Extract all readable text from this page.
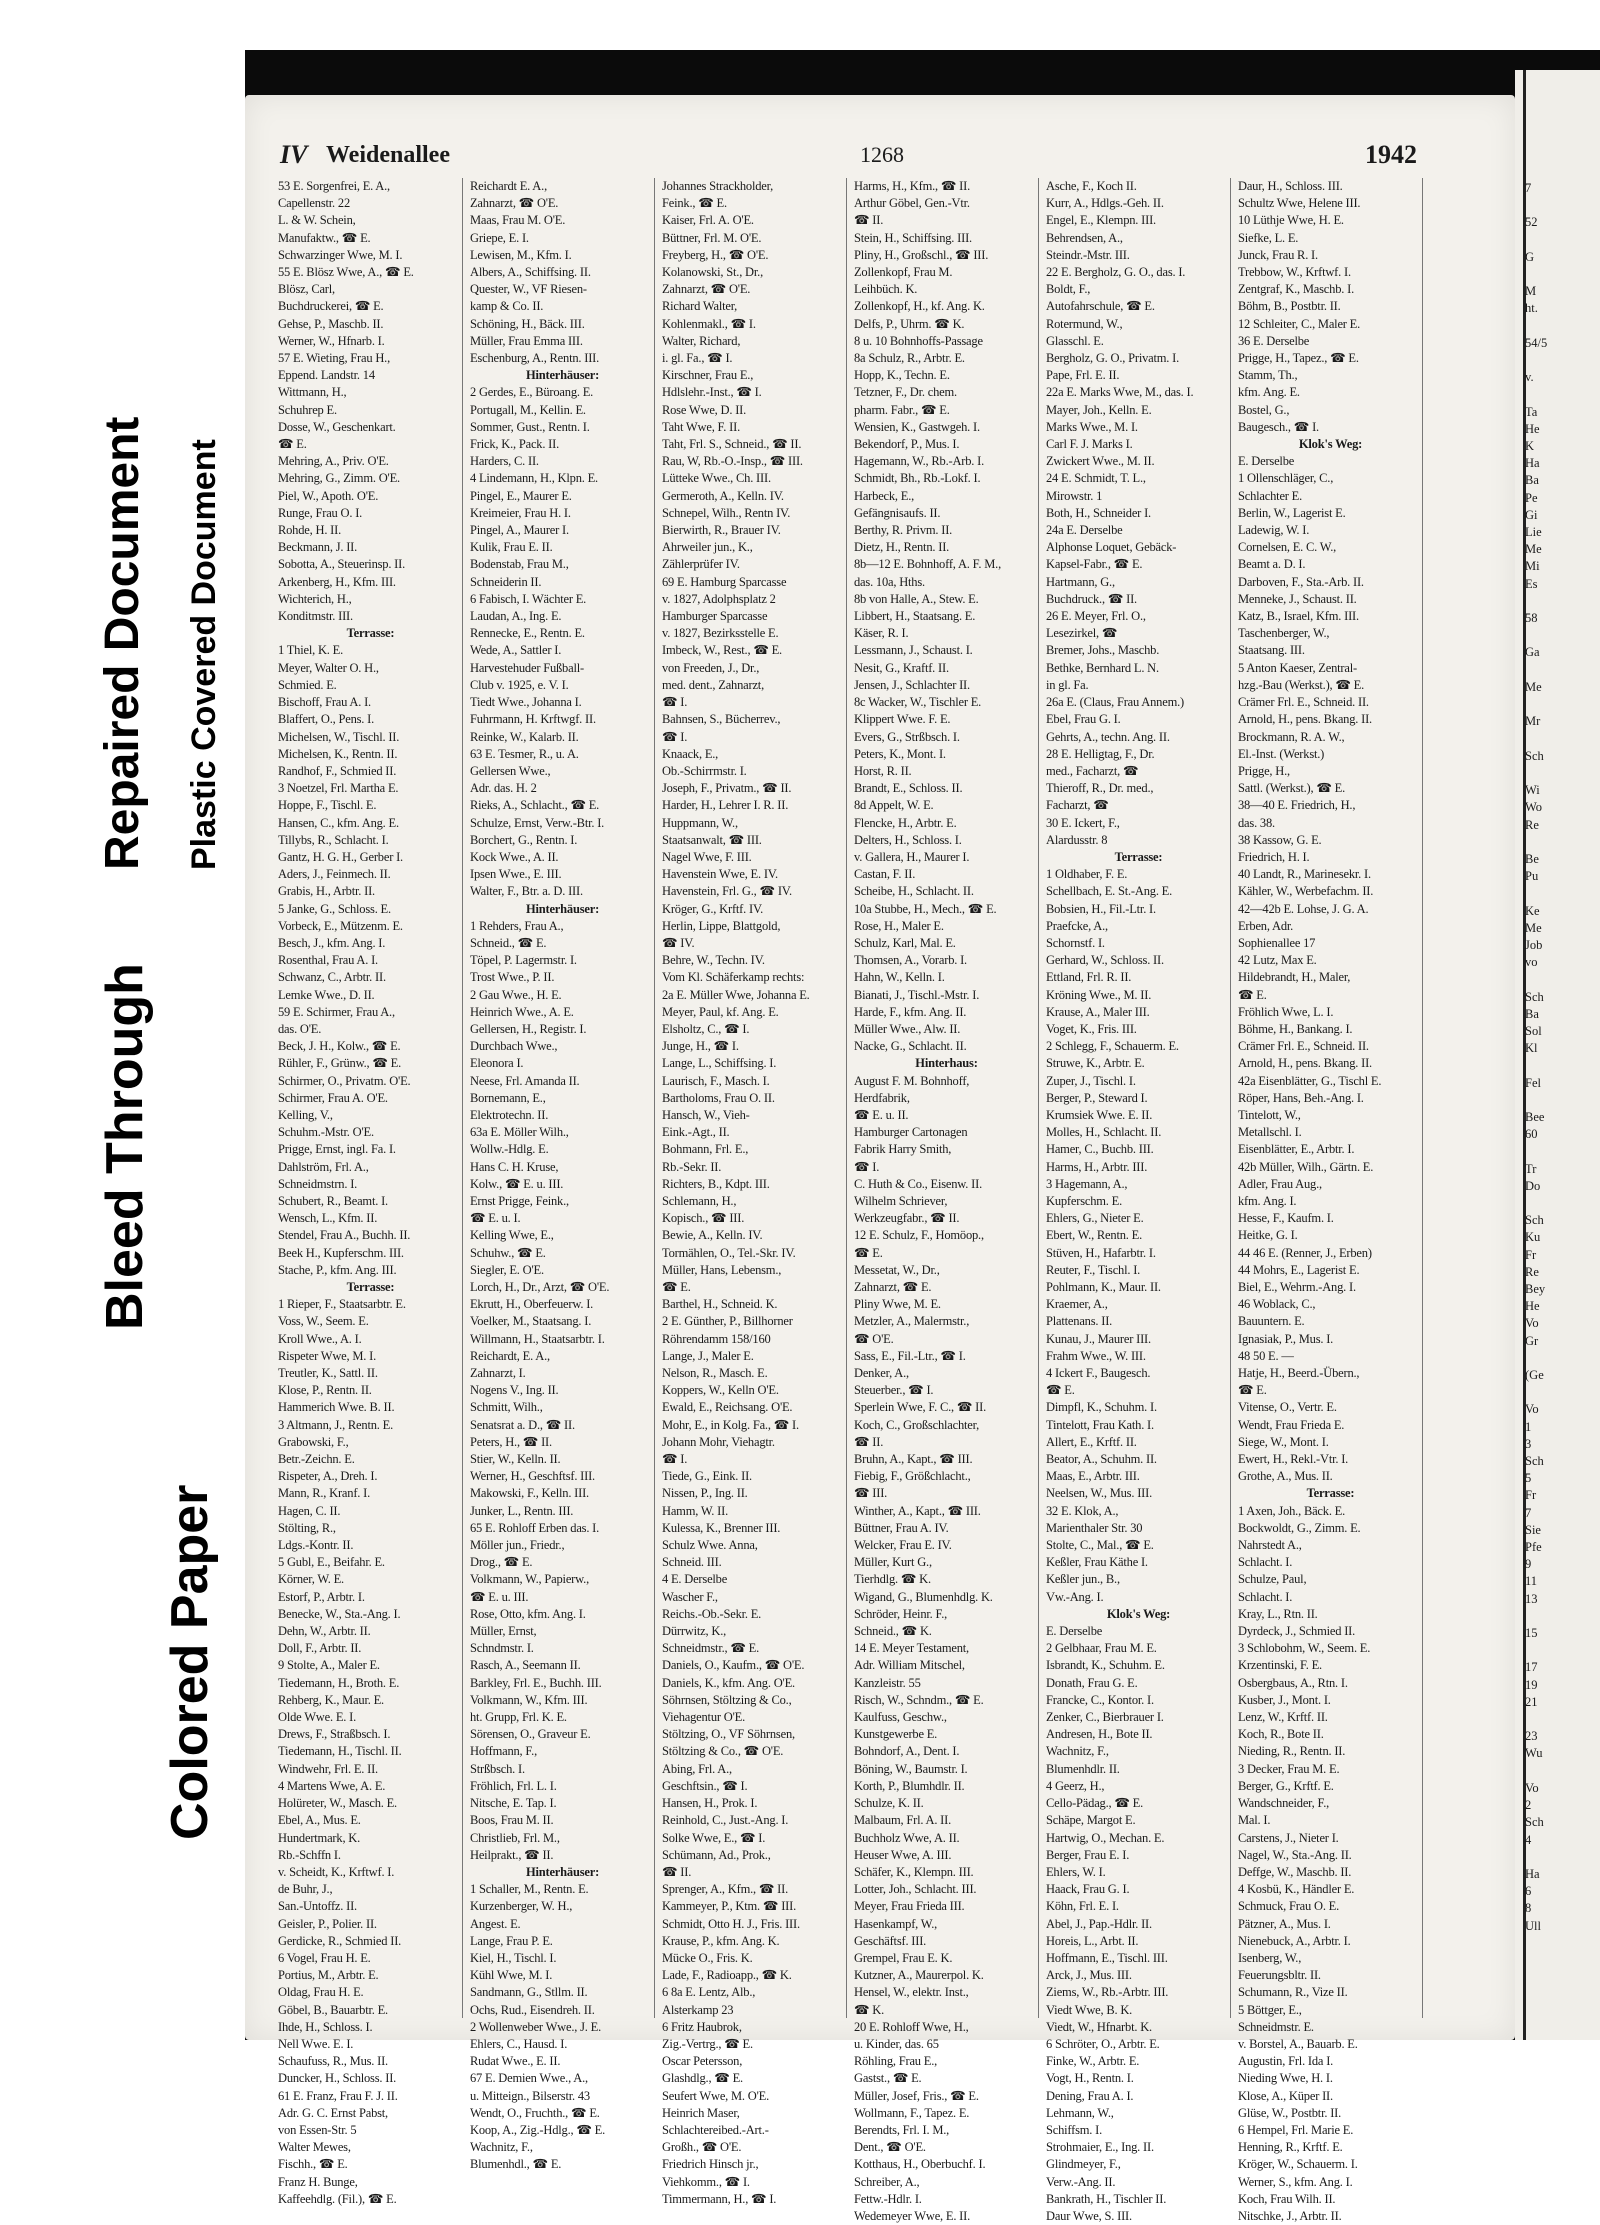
Repaired Document Plastic Covered Document
Bleed Through
Colored Paper
IV Weidenallee	1268	1942
53 E. Sorgenfrei, E. A.,
Capellenstr. 22
L. & W. Schein,
Manufaktw., ☎ E.
Schwarzinger Wwe, M. I.
55 E. Blösz Wwe, A., ☎ E.
Blösz, Carl,
Buchdruckerei, ☎ E.
Gehse, P., Maschb. II.
Werner, W., Hfnarb. I.
57 E. Wieting, Frau H.,
Eppend. Landstr. 14
Wittmann, H.,
Schuhrep E.
Dosse, W., Geschenkart.
☎ E.
Mehring, A., Priv. O'E.
Mehring, G., Zimm. O'E.
Piel, W., Apoth. O'E.
Runge, Frau O. I.
Rohde, H. II.
Beckmann, J. II.
Sobotta, A., Steuerinsp. II.
Arkenberg, H., Kfm. III.
Wichterich, H.,
Konditmstr. III.
Terrasse:
1 Thiel, K. E.
Meyer, Walter O. H.,
Schmied. E.
Bischoff, Frau A. I.
Blaffert, O., Pens. I.
Michelsen, W., Tischl. II.
Michelsen, K., Rentn. II.
Randhof, F., Schmied II.
3 Noetzel, Frl. Martha E.
Hoppe, F., Tischl. E.
Hansen, C., kfm. Ang. E.
Tillybs, R., Schlacht. I.
Gantz, H. G. H., Gerber I.
Aders, J., Feinmech. II.
Grabis, H., Arbtr. II.
5 Janke, G., Schloss. E.
Vorbeck, E., Mützenm. E.
Besch, J., kfm. Ang. I.
Rosenthal, Frau A. I.
Schwanz, C., Arbtr. II.
Lemke Wwe., D. II.
59 E. Schirmer, Frau A.,
das. O'E.
Beck, J. H., Kolw., ☎ E.
Rühler, F., Grünw., ☎ E.
Schirmer, O., Privatm. O'E.
Schirmer, Frau A. O'E.
Kelling, V.,
Schuhm.-Mstr. O'E.
Prigge, Ernst, ingl. Fa. I.
Dahlström, Frl. A.,
Schneidmstrn. I.
Schubert, R., Beamt. I.
Wensch, L., Kfm. II.
Stendel, Frau A., Buchh. II.
Beek H., Kupferschm. III.
Stache, P., kfm. Ang. III.
Terrasse:
1 Rieper, F., Staatsarbtr. E.
Voss, W., Seem. E.
Kroll Wwe., A. I.
Rispeter Wwe, M. I.
Treutler, K., Sattl. II.
Klose, P., Rentn. II.
Hammerich Wwe. B. II.
3 Altmann, J., Rentn. E.
Grabowski, F.,
Betr.-Zeichn. E.
Rispeter, A., Dreh. I.
Mann, R., Kranf. I.
Hagen, C. II.
Stölting, R.,
Ldgs.-Kontr. II.
5 Gubl, E., Beifahr. E.
Körner, W. E.
Estorf, P., Arbtr. I.
Benecke, W., Sta.-Ang. I.
Dehn, W., Arbtr. II.
Doll, F., Arbtr. II.
9 Stolte, A., Maler E.
Tiedemann, H., Broth. E.
Rehberg, K., Maur. E.
Olde Wwe. E. I.
Drews, F., Straßbsch. I.
Tiedemann, H., Tischl. II.
Windwehr, Frl. E. II.
4 Martens Wwe, A. E.
Holüreter, W., Masch. E.
Ebel, A., Mus. E.
Hundertmark, K.
Rb.-Schffn I.
v. Scheidt, K., Krftwf. I.
de Buhr, J.,
San.-Untoffz. II.
Geisler, P., Polier. II.
Gerdicke, R., Schmied II.
6 Vogel, Frau H. E.
Portius, M., Arbtr. E.
Oldag, Frau H. E.
Göbel, B., Bauarbtr. E.
Ihde, H., Schloss. I.
Nell Wwe. E. I.
Schaufuss, R., Mus. II.
Duncker, H., Schloss. II.
61 E. Franz, Frau F. J. II.
Adr. G. C. Ernst Pabst,
von Essen-Str. 5
Walter Mewes,
Fischh., ☎ E.
Franz H. Bunge,
Kaffeehdlg. (Fil.), ☎ E.
Reichardt E. A.,
Zahnarzt, ☎ O'E.
Maas, Frau M. O'E.
Griepe, E. I.
Lewisen, M., Kfm. I.
Albers, A., Schiffsing. II.
Quester, W., VF Riesen-
kamp & Co. II.
Schöning, H., Bäck. III.
Müller, Frau Emma III.
Eschenburg, A., Rentn. III.
Hinterhäuser:
2 Gerdes, E., Büroang. E.
Portugall, M., Kellin. E.
Sommer, Gust., Rentn. I.
Frick, K., Pack. II.
Harders, C. II.
4 Lindemann, H., Klpn. E.
Pingel, E., Maurer E.
Kreimeier, Frau H. I.
Pingel, A., Maurer I.
Kulik, Frau E. II.
Bodenstab, Frau M.,
Schneiderin II.
6 Fabisch, I. Wächter E.
Laudan, A., Ing. E.
Rennecke, E., Rentn. E.
Wede, A., Sattler I.
Harvestehuder Fußball-
Club v. 1925, e. V. I.
Tiedt Wwe., Johanna I.
Fuhrmann, H. Krftwgf. II.
Reinke, W., Kalarb. II.
63 E. Tesmer, R., u. A.
Gellersen Wwe.,
Adr. das. H. 2
Rieks, A., Schlacht., ☎ E.
Schulze, Ernst, Verw.-Btr. I.
Borchert, G., Rentn. I.
Kock Wwe., A. II.
Ipsen Wwe., E. III.
Walter, F., Btr. a. D. III.
Hinterhäuser:
1 Rehders, Frau A.,
Schneid., ☎ E.
Töpel, P. Lagermstr. I.
Trost Wwe., P. II.
2 Gau Wwe., H. E.
Heinrich Wwe., A. E.
Gellersen, H., Registr. I.
Durchbach Wwe.,
Eleonora I.
Neese, Frl. Amanda II.
Bornemann, E.,
Elektrotechn. II.
63a E. Möller Wilh.,
Wollw.-Hdlg. E.
Hans C. H. Kruse,
Kolw., ☎ E. u. III.
Ernst Prigge, Feink.,
☎ E. u. I.
Kelling Wwe, E.,
Schuhw., ☎ E.
Siegler, E. O'E.
Lorch, H., Dr., Arzt, ☎ O'E.
Ekrutt, H., Oberfeuerw. I.
Voelker, M., Staatsang. I.
Willmann, H., Staatsarbtr. I.
Reichardt, E. A.,
Zahnarzt, I.
Nogens V., Ing. II.
Schmitt, Wilh.,
Senatsrat a. D., ☎ II.
Peters, H., ☎ II.
Stier, W., Kelln. II.
Werner, H., Geschftsf. III.
Makowski, F., Kelln. III.
Junker, L., Rentn. III.
65 E. Rohloff Erben das. I.
Möller jun., Friedr.,
Drog., ☎ E.
Volkmann, W., Papierw.,
☎ E. u. III.
Rose, Otto, kfm. Ang. I.
Müller, Ernst,
Schndmstr. I.
Rasch, A., Seemann II.
Barkley, Frl. E., Buchh. III.
Volkmann, W., Kfm. III.
ht. Grupp, Frl. K. E.
Sörensen, O., Graveur E.
Hoffmann, F.,
Strßbsch. I.
Fröhlich, Frl. L. I.
Nitsche, E. Tap. I.
Boos, Frau M. II.
Christlieb, Frl. M.,
Heilprakt., ☎ II.
Hinterhäuser:
1 Schaller, M., Rentn. E.
Kurzenberger, W. H.,
Angest. E.
Lange, Frau P. E.
Kiel, H., Tischl. I.
Kühl Wwe, M. I.
Sandmann, G., Stllm. II.
Ochs, Rud., Eisendreh. II.
2 Wollenweber Wwe., J. E.
Ehlers, C., Hausd. I.
Rudat Wwe., E. II.
67 E. Demien Wwe., A.,
u. Mitteign., Bilserstr. 43
Wendt, O., Fruchth., ☎ E.
Koop, A., Zig.-Hdlg., ☎ E.
Wachnitz, F.,
Blumenhdl., ☎ E.
Johannes Strackholder,
Feink., ☎ E.
Kaiser, Frl. A. O'E.
Büttner, Frl. M. O'E.
Freyberg, H., ☎ O'E.
Kolanowski, St., Dr.,
Zahnarzt, ☎ O'E.
Richard Walter,
Kohlenmakl., ☎ I.
Walter, Richard,
i. gl. Fa., ☎ I.
Kirschner, Frau E.,
Hdlslehr.-Inst., ☎ I.
Rose Wwe, D. II.
Taht Wwe, F. II.
Taht, Frl. S., Schneid., ☎ II.
Rau, W, Rb.-O.-Insp., ☎ III.
Lütteke Wwe., Ch. III.
Germeroth, A., Kelln. IV.
Schnepel, Wilh., Rentn IV.
Bierwirth, R., Brauer IV.
Ahrweiler jun., K.,
Zählerprüfer IV.
69 E. Hamburg Sparcasse
v. 1827, Adolphsplatz 2
Hamburger Sparcasse
v. 1827, Bezirksstelle E.
Imbeck, W., Rest., ☎ E.
von Freeden, J., Dr.,
med. dent., Zahnarzt,
☎ I.
Bahnsen, S., Bücherrev.,
☎ I.
Knaack, E.,
Ob.-Schirrmstr. I.
Joseph, F., Privatm., ☎ II.
Harder, H., Lehrer I. R. II.
Huppmann, W.,
Staatsanwalt, ☎ III.
Nagel Wwe, F. III.
Havenstein Wwe, E. IV.
Havenstein, Frl. G., ☎ IV.
Kröger, G., Krftf. IV.
Herlin, Lippe, Blattgold,
☎ IV.
Behre, W., Techn. IV.
Vom Kl. Schäferkamp rechts:
2a E. Müller Wwe, Johanna E.
Meyer, Paul, kf. Ang. E.
Elsholtz, C., ☎ I.
Junge, H., ☎ I.
Lange, L., Schiffsing. I.
Laurisch, F., Masch. I.
Bartholoms, Frau O. II.
Hansch, W., Vieh-
Eink.-Agt., II.
Bohmann, Frl. E.,
Rb.-Sekr. II.
Richters, B., Kdpt. III.
Schlemann, H.,
Kopisch., ☎ III.
Bewie, A., Kelln. IV.
Tormählen, O., Tel.-Skr. IV.
Müller, Hans, Lebensm.,
☎ E.
Barthel, H., Schneid. K.
2 E. Günther, P., Billhorner
Röhrendamm 158/160
Lange, J., Maler E.
Nelson, R., Masch. E.
Koppers, W., Kelln O'E.
Ewald, E., Reichsang. O'E.
Mohr, E., in Kolg. Fa., ☎ I.
Johann Mohr, Viehagtr.
☎ I.
Tiede, G., Eink. II.
Nissen, P., Ing. II.
Hamm, W. II.
Kulessa, K., Brenner III.
Schulz Wwe. Anna,
Schneid. III.
4 E. Derselbe
Wascher F.,
Reichs.-Ob.-Sekr. E.
Dürrwitz, K.,
Schneidmstr., ☎ E.
Daniels, O., Kaufm., ☎ O'E.
Daniels, K., kfm. Ang. O'E.
Söhrnsen, Stöltzing & Co.,
Viehagentur O'E.
Stöltzing, O., VF Söhrnsen,
Stöltzing & Co., ☎ O'E.
Abing, Frl. A.,
Geschftsin., ☎ I.
Hansen, H., Prok. I.
Reinhold, C., Just.-Ang. I.
Solke Wwe, E., ☎ I.
Schümann, Ad., Prok.,
☎ II.
Sprenger, A., Kfm., ☎ II.
Kammeyer, P., Ktm. ☎ III.
Schmidt, Otto H. J., Fris. III.
Krause, P., kfm. Ang. K.
Mücke O., Fris. K.
Lade, F., Radioapp., ☎ K.
6 8a E. Lentz, Alb.,
Alsterkamp 23
6 Fritz Haubrok,
Zig.-Vertrg., ☎ E.
Oscar Petersson,
Glashdlg., ☎ E.
Seufert Wwe, M. O'E.
Heinrich Maser,
Schlachtereibed.-Art.-
Großh., ☎ O'E.
Friedrich Hinsch jr.,
Viehkomm., ☎ I.
Timmermann, H., ☎ I.
Harms, H., Kfm., ☎ II.
Arthur Göbel, Gen.-Vtr.
☎ II.
Stein, H., Schiffsing. III.
Pliny, H., Großschl., ☎ III.
Zollenkopf, Frau M.
Leihbüch. K.
Zollenkopf, H., kf. Ang. K.
Delfs, P., Uhrm. ☎ K.
8 u. 10 Bohnhoffs-Passage
8a Schulz, R., Arbtr. E.
Hopp, K., Techn. E.
Tetzner, F., Dr. chem.
pharm. Fabr., ☎ E.
Wensien, K., Gastwgeh. I.
Bekendorf, P., Mus. I.
Hagemann, W., Rb.-Arb. I.
Schmidt, Bh., Rb.-Lokf. I.
Harbeck, E.,
Gefängnisaufs. II.
Berthy, R. Privm. II.
Dietz, H., Rentn. II.
8b—12 E. Bohnhoff, A. F. M.,
das. 10a, Hths.
8b von Halle, A., Stew. E.
Libbert, H., Staatsang. E.
Käser, R. I.
Lessmann, J., Schaust. I.
Nesit, G., Kraftf. II.
Jensen, J., Schlachter II.
8c Wacker, W., Tischler E.
Klippert Wwe. F. E.
Evers, G., Strßbsch. I.
Peters, K., Mont. I.
Horst, R. II.
Brandt, E., Schloss. II.
8d Appelt, W. E.
Flencke, H., Arbtr. E.
Delters, H., Schloss. I.
v. Gallera, H., Maurer I.
Castan, F. II.
Scheibe, H., Schlacht. II.
10a Stubbe, H., Mech., ☎ E.
Rose, H., Maler E.
Schulz, Karl, Mal. E.
Thomsen, A., Vorarb. I.
Hahn, W., Kelln. I.
Bianati, J., Tischl.-Mstr. I.
Harde, F., kfm. Ang. II.
Müller Wwe., Alw. II.
Nacke, G., Schlacht. II.
Hinterhaus:
August F. M. Bohnhoff,
Herdfabrik,
☎ E. u. II.
Hamburger Cartonagen
Fabrik Harry Smith,
☎ I.
C. Huth & Co., Eisenw. II.
Wilhelm Schriever,
Werkzeugfabr., ☎ II.
12 E. Schulz, F., Homöop.,
☎ E.
Messetat, W., Dr.,
Zahnarzt, ☎ E.
Pliny Wwe, M. E.
Metzler, A., Malermstr.,
☎ O'E.
Sass, E., Fil.-Ltr., ☎ I.
Denker, A.,
Steuerber., ☎ I.
Sperlein Wwe, F. C., ☎ II.
Koch, C., Großschlachter,
☎ II.
Bruhn, A., Kapt., ☎ III.
Fiebig, F., Größchlacht.,
☎ III.
Winther, A., Kapt., ☎ III.
Büttner, Frau A. IV.
Welcker, Frau E. IV.
Müller, Kurt G.,
Tierhdlg. ☎ K.
Wigand, G., Blumenhdlg. K.
Schröder, Heinr. F.,
Schneid., ☎ K.
14 E. Meyer Testament,
Adr. William Mitschel,
Kanzleistr. 55
Risch, W., Schndm., ☎ E.
Kaulfuss, Geschw.,
Kunstgewerbe E.
Bohndorf, A., Dent. I.
Böning, W., Baumstr. I.
Korth, P., Blumhdlr. II.
Schulze, K. II.
Malbaum, Frl. A. II.
Buchholz Wwe, A. II.
Heuser Wwe, A. III.
Schäfer, K., Klempn. III.
Lotter, Joh., Schlacht. III.
Meyer, Frau Frieda III.
Hasenkampf, W.,
Geschäftsf. III.
Grempel, Frau E. K.
Kutzner, A., Maurerpol. K.
Hensel, W., elektr. Inst.,
☎ K.
20 E. Rohloff Wwe, H.,
u. Kinder, das. 65
Röhling, Frau E.,
Gastst., ☎ E.
Müller, Josef, Fris., ☎ E.
Wollmann, F., Tapez. E.
Berendts, Frl. I. M.,
Dent., ☎ O'E.
Kotthaus, H., Oberbuchf. I.
Schreiber, A.,
Fettw.-Hdlr. I.
Wedemeyer Wwe, E. II.
Asche, F., Koch II.
Kurr, A., Hdlgs.-Geh. II.
Engel, E., Klempn. III.
Behrendsen, A.,
Steindr.-Mstr. III.
22 E. Bergholz, G. O., das. I.
Boldt, F.,
Autofahrschule, ☎ E.
Rotermund, W.,
Glasschl. E.
Bergholz, G. O., Privatm. I.
Pape, Frl. E. II.
22a E. Marks Wwe, M., das. I.
Mayer, Joh., Kelln. E.
Marks Wwe., M. I.
Carl F. J. Marks I.
Zwickert Wwe., M. II.
24 E. Schmidt, T. L.,
Mirowstr. 1
Both, H., Schneider I.
24a E. Derselbe
Alphonse Loquet, Gebäck-
Kapsel-Fabr., ☎ E.
Hartmann, G.,
Buchdruck., ☎ II.
26 E. Meyer, Frl. O.,
Lesezirkel, ☎
Bremer, Johs., Maschb.
Bethke, Bernhard L. N.
in gl. Fa.
26a E. (Claus, Frau Annem.)
Ebel, Frau G. I.
Gehrts, A., techn. Ang. II.
28 E. Helligtag, F., Dr.
med., Facharzt, ☎
Thieroff, R., Dr. med.,
Facharzt, ☎
30 E. Ickert, F.,
Alardusstr. 8
Terrasse:
1 Oldhaber, F. E.
Schellbach, E. St.-Ang. E.
Bobsien, H., Fil.-Ltr. I.
Praefcke, A.,
Schornstf. I.
Gerhard, W., Schloss. II.
Ettland, Frl. R. II.
Kröning Wwe., M. II.
Krause, A., Maler III.
Voget, K., Fris. III.
2 Schlegg, F., Schauerm. E.
Struwe, K., Arbtr. E.
Zuper, J., Tischl. I.
Berger, P., Steward I.
Krumsiek Wwe. E. II.
Molles, H., Schlacht. II.
Hamer, C., Buchb. III.
Harms, H., Arbtr. III.
3 Hagemann, A.,
Kupferschm. E.
Ehlers, G., Nieter E.
Ebert, W., Rentn. E.
Stüven, H., Hafarbtr. I.
Reuter, F., Tischl. I.
Pohlmann, K., Maur. II.
Kraemer, A.,
Plattenans. II.
Kunau, J., Maurer III.
Frahm Wwe., W. III.
4 Ickert F., Baugesch.
☎ E.
Dimpfl, K., Schuhm. I.
Tintelott, Frau Kath. I.
Allert, E., Krftf. II.
Beator, A., Schuhm. II.
Maas, E., Arbtr. III.
Neelsen, W., Mus. III.
32 E. Klok, A.,
Marienthaler Str. 30
Stolte, C., Mal., ☎ E.
Keßler, Frau Käthe I.
Keßler jun., B.,
Vw.-Ang. I.
Klok's Weg:
E. Derselbe
2 Gelbhaar, Frau M. E.
Isbrandt, K., Schuhm. E.
Donath, Frau G. E.
Francke, C., Kontor. I.
Zenker, C., Bierbrauer I.
Andresen, H., Bote II.
Wachnitz, F.,
Blumenhdlr. II.
4 Geerz, H.,
Cello-Pädag., ☎ E.
Schäpe, Margot E.
Hartwig, O., Mechan. E.
Berger, Frau E. I.
Ehlers, W. I.
Haack, Frau G. I.
Köhn, Frl. E. I.
Abel, J., Pap.-Hdlr. II.
Horeis, L., Arbt. II.
Hoffmann, E., Tischl. III.
Arck, J., Mus. III.
Ziems, W., Rb.-Arbtr. III.
Viedt Wwe, B. K.
Viedt, W., Hfnarbt. K.
6 Schröter, O., Arbtr. E.
Finke, W., Arbtr. E.
Vogt, H., Rentn. I.
Dening, Frau A. I.
Lehmann, W.,
Schiffsm. I.
Strohmaier, E., Ing. II.
Glindmeyer, F.,
Verw.-Ang. II.
Bankrath, H., Tischler II.
Daur Wwe, S. III.
Daur, H., Schloss. III.
Schultz Wwe, Helene III.
10 Lüthje Wwe, H. E.
Siefke, L. E.
Junck, Frau R. I.
Trebbow, W., Krftwf. I.
Zentgraf, K., Maschb. I.
Böhm, B., Postbtr. II.
12 Schleiter, C., Maler E.
36 E. Derselbe
Prigge, H., Tapez., ☎ E.
Stamm, Th.,
kfm. Ang. E.
Bostel, G.,
Baugesch., ☎ I.
Klok's Weg:
E. Derselbe
1 Ollenschläger, C.,
Schlachter E.
Berlin, W., Lagerist E.
Ladewig, W. I.
Cornelsen, E. C. W.,
Beamt a. D. I.
Darboven, F., Sta.-Arb. II.
Menneke, J., Schaust. II.
Katz, B., Israel, Kfm. III.
Taschenberger, W.,
Staatsang. III.
5 Anton Kaeser, Zentral-
hzg.-Bau (Werkst.), ☎ E.
Crämer Frl. E., Schneid. II.
Arnold, H., pens. Bkang. II.
Brockmann, R. A. W.,
El.-Inst. (Werkst.)
Prigge, H.,
Sattl. (Werkst.), ☎ E.
38—40 E. Friedrich, H.,
das. 38.
38 Kassow, G. E.
Friedrich, H. I.
40 Landt, R., Marinesekr. I.
Kähler, W., Werbefachm. II.
42—42b E. Lohse, J. G. A.
Erben, Adr.
Sophienallee 17
42 Lutz, Max E.
Hildebrandt, H., Maler,
☎ E.
Fröhlich Wwe, L. I.
Böhme, H., Bankang. I.
Crämer Frl. E., Schneid. II.
Arnold, H., pens. Bkang. II.
42a Eisenblätter, G., Tischl E.
Röper, Hans, Beh.-Ang. I.
Tintelott, W.,
Metallschl. I.
Eisenblätter, E., Arbtr. I.
42b Müller, Wilh., Gärtn. E.
Adler, Frau Aug.,
kfm. Ang. I.
Hesse, F., Kaufm. I.
Heitke, G. I.
44 46 E. (Renner, J., Erben)
44 Mohrs, E., Lagerist E.
Biel, E., Wehrm.-Ang. I.
46 Woblack, C.,
Bauuntern. E.
Ignasiak, P., Mus. I.
48 50 E. —
Hatje, H., Beerd.-Übern.,
☎ E.
Vitense, O., Vertr. E.
Wendt, Frau Frieda E.
Siege, W., Mont. I.
Ewert, H., Rekl.-Vtr. I.
Grothe, A., Mus. II.
Terrasse:
1 Axen, Joh., Bäck. E.
Bockwoldt, G., Zimm. E.
Nahrstedt A.,
Schlacht. I.
Schulze, Paul,
Schlacht. I.
Kray, L., Rtn. II.
Dyrdeck, J., Schmied II.
3 Schlobohm, W., Seem. E.
Krzentinski, F. E.
Osbergbaus, A., Rtn. I.
Kusber, J., Mont. I.
Lenz, W., Krftf. II.
Koch, R., Bote II.
Nieding, R., Rentn. II.
3 Decker, Frau M. E.
Berger, G., Krftf. E.
Wandschneider, F.,
Mal. I.
Carstens, J., Nieter I.
Nagel, W., Sta.-Ang. II.
Deffge, W., Maschb. II.
4 Kosbü, K., Händler E.
Schmuck, Frau O. E.
Pätzner, A., Mus. I.
Nienebuck, A., Arbtr. I.
Isenberg, W.,
Feuerungsbltr. II.
Schumann, R., Vize II.
5 Böttger, E.,
Schneidmstr. E.
v. Borstel, A., Bauarb. E.
Augustin, Frl. Ida I.
Nieding Wwe, H. I.
Klose, A., Küper II.
Glüse, W., Postbtr. II.
6 Hempel, Frl. Marie E.
Henning, R., Krftf. E.
Kröger, W., Schauerm. I.
Werner, S., kfm. Ang. I.
Koch, Frau Wilh. II.
Nitschke, J., Arbtr. II.
7

52

G

M
ht.

54/5

v.

Ta
He
K
Ha
Ba
Pe
Gi
Lie
Me
Mi
Es

58

Ga

Me

Mr

Sch

Wi
Wo
Re

Be
Pu

Ke
Me
Job
vo

Sch
Ba
Sol
Kl

Fel

Bee
60

Tr
Do

Sch
Ku
Fr
Re
Bey
He
Vo
Gr

(Ge

Vo
1
3
Sch
5
Fr
7
Sie
Pfe
9
11
13

15

17
19
21

23
Wu

Vo
2
Sch
4

Ha
6
8
Ull
